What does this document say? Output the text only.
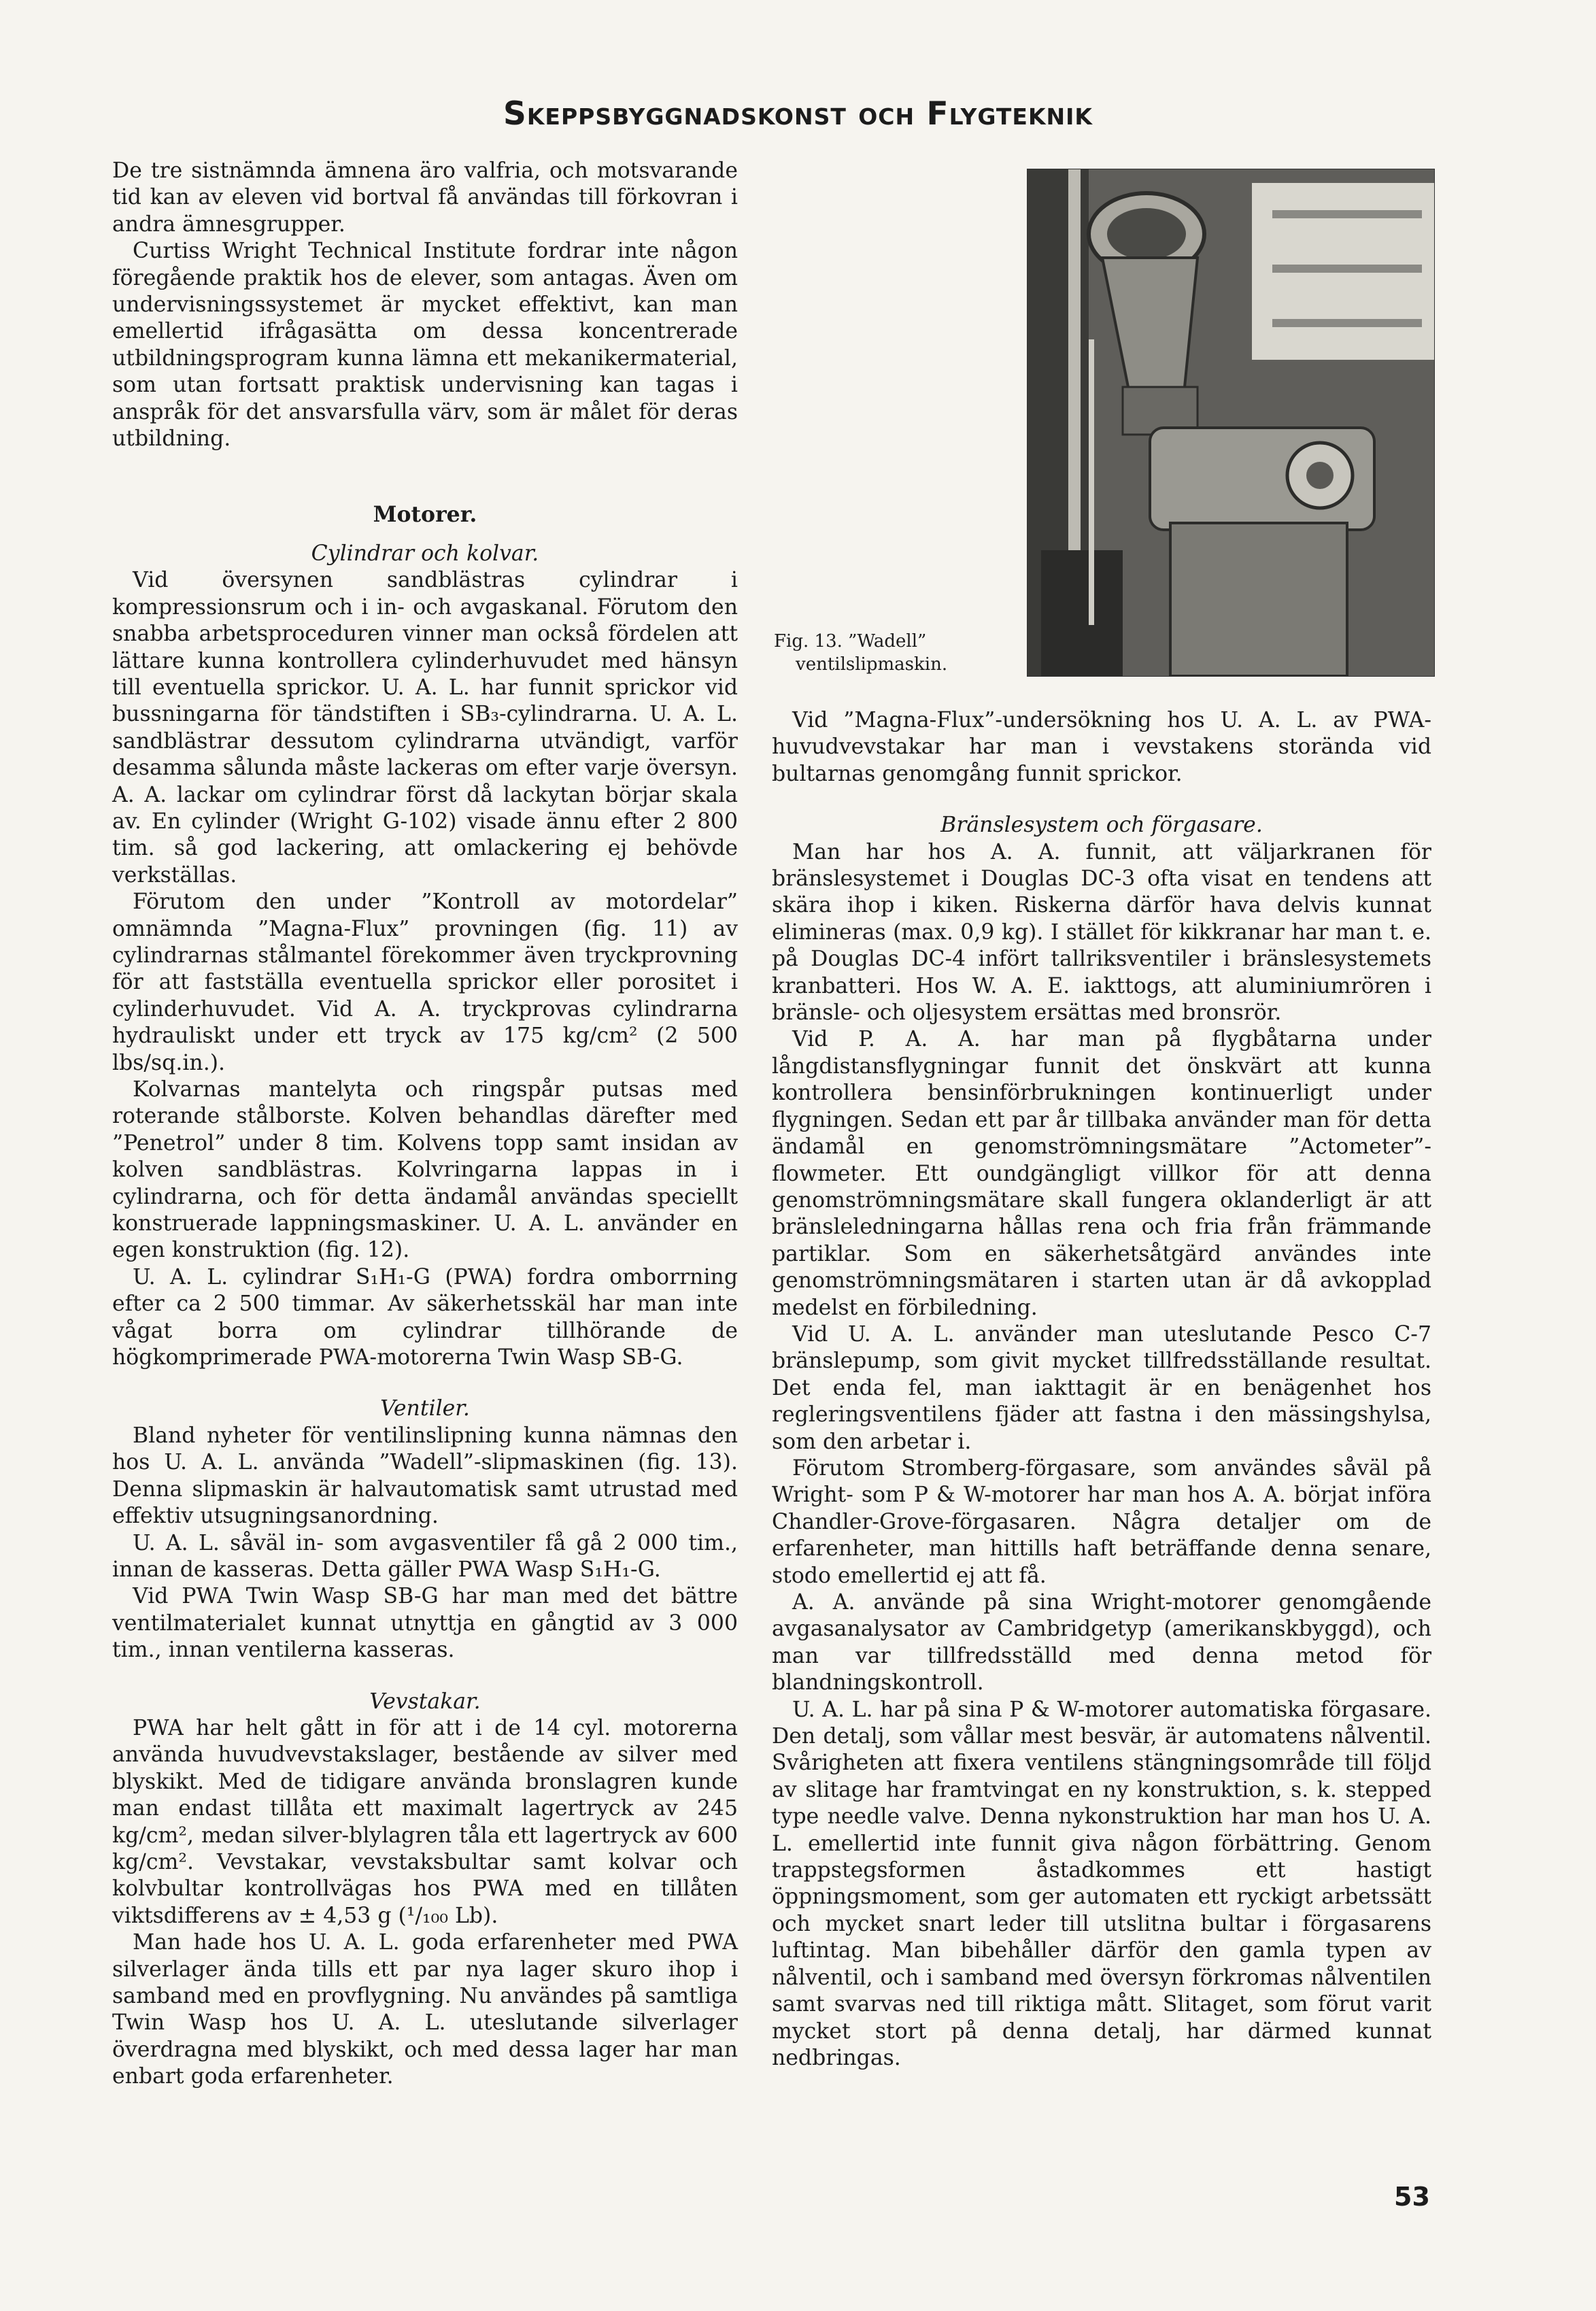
Skeppsbyggnadskonst och Flygteknik

De tre sistnämnda ämnena äro valfria, och motsvarande tid kan av eleven vid bortval få användas till förkovran i andra ämnesgrupper.

Curtiss Wright Technical Institute fordrar inte någon föregående praktik hos de elever, som antagas. Även om undervisningssystemet är mycket effektivt, kan man emellertid ifrågasätta om dessa koncentrerade utbildningsprogram kunna lämna ett mekanikermaterial, som utan fortsatt praktisk undervisning kan tagas i anspråk för det ansvarsfulla värv, som är målet för deras utbildning.

Motorer.
Cylindrar och kolvar.

Vid översynen sandblästras cylindrar i kompressionsrum och i in- och avgaskanal. Förutom den snabba arbetsproceduren vinner man också fördelen att lättare kunna kontrollera cylinderhuvudet med hänsyn till eventuella sprickor. U. A. L. har funnit sprickor vid bussningarna för tändstiften i SB₃-cylindrarna. U. A. L. sandblästrar dessutom cylindrarna utvändigt, varför desamma sålunda måste lackeras om efter varje översyn. A. A. lackar om cylindrar först då lackytan börjar skala av. En cylinder (Wright G-102) visade ännu efter 2 800 tim. så god lackering, att omlackering ej behövde verkställas.

Förutom den under ”Kontroll av motordelar” omnämnda ”Magna-Flux” provningen (fig. 11) av cylindrarnas stålmantel förekommer även tryckprovning för att fastställa eventuella sprickor eller porositet i cylinderhuvudet. Vid A. A. tryckprovas cylindrarna hydrauliskt under ett tryck av 175 kg/cm² (2 500 lbs/sq.in.).

Kolvarnas mantelyta och ringspår putsas med roterande stålborste. Kolven behandlas därefter med ”Penetrol” under 8 tim. Kolvens topp samt insidan av kolven sandblästras. Kolvringarna lappas in i cylindrarna, och för detta ändamål användas speciellt konstruerade lappningsmaskiner. U. A. L. använder en egen konstruktion (fig. 12).

U. A. L. cylindrar S₁H₁-G (PWA) fordra omborrning efter ca 2 500 timmar. Av säkerhetsskäl har man inte vågat borra om cylindrar tillhörande de högkomprimerade PWA-motorerna Twin Wasp SB-G.

Ventiler.

Bland nyheter för ventilinslipning kunna nämnas den hos U. A. L. använda ”Wadell”-slipmaskinen (fig. 13). Denna slipmaskin är halvautomatisk samt utrustad med effektiv utsugningsanordning.

U. A. L. såväl in- som avgasventiler få gå 2 000 tim., innan de kasseras. Detta gäller PWA Wasp S₁H₁-G.

Vid PWA Twin Wasp SB-G har man med det bättre ventilmaterialet kunnat utnyttja en gångtid av 3 000 tim., innan ventilerna kasseras.

Vevstakar.

PWA har helt gått in för att i de 14 cyl. motorerna använda huvudvevstakslager, bestående av silver med blyskikt. Med de tidigare använda bronslagren kunde man endast tillåta ett maximalt lagertryck av 245 kg/cm², medan silver-blylagren tåla ett lagertryck av 600 kg/cm². Vevstakar, vevstaksbultar samt kolvar och kolvbultar kontrollvägas hos PWA med en tillåten viktsdifferens av ± 4,53 g (¹/₁₀₀ Lb).

Man hade hos U. A. L. goda erfarenheter med PWA silverlager ända tills ett par nya lager skuro ihop i samband med en provflygning. Nu användes på samtliga Twin Wasp hos U. A. L. uteslutande silverlager överdragna med blyskikt, och med dessa lager har man enbart goda erfarenheter.

Fig. 13. ”Wadell”
ventilslipmaskin.

Vid ”Magna-Flux”-undersökning hos U. A. L. av PWA-huvudvevstakar har man i vevstakens storända vid bultarnas genomgång funnit sprickor.

Bränslesystem och förgasare.

Man har hos A. A. funnit, att väljarkranen för bränslesystemet i Douglas DC-3 ofta visat en tendens att skära ihop i kiken. Riskerna därför hava delvis kunnat elimineras (max. 0,9 kg). I stället för kikkranar har man t. e. på Douglas DC-4 infört tallriksventiler i bränslesystemets kranbatteri. Hos W. A. E. iakttogs, att aluminiumrören i bränsle- och oljesystem ersättas med bronsrör.

Vid P. A. A. har man på flygbåtarna under långdistansflygningar funnit det önskvärt att kunna kontrollera bensinförbrukningen kontinuerligt under flygningen. Sedan ett par år tillbaka använder man för detta ändamål en genomströmningsmätare ”Actometer”-flowmeter. Ett oundgängligt villkor för att denna genomströmningsmätare skall fungera oklanderligt är att bränsleledningarna hållas rena och fria från främmande partiklar. Som en säkerhetsåtgärd användes inte genomströmningsmätaren i starten utan är då avkopplad medelst en förbiledning.

Vid U. A. L. använder man uteslutande Pesco C-7 bränslepump, som givit mycket tillfredsställande resultat. Det enda fel, man iakttagit är en benägenhet hos regleringsventilens fjäder att fastna i den mässingshylsa, som den arbetar i.

Förutom Stromberg-förgasare, som användes såväl på Wright- som P & W-motorer har man hos A. A. börjat införa Chandler-Grove-förgasaren. Några detaljer om de erfarenheter, man hittills haft beträffande denna senare, stodo emellertid ej att få.

A. A. använde på sina Wright-motorer genomgående avgasanalysator av Cambridgetyp (amerikanskbyggd), och man var tillfredsställd med denna metod för blandningskontroll.

U. A. L. har på sina P & W-motorer automatiska förgasare. Den detalj, som vållar mest besvär, är automatens nålventil. Svårigheten att fixera ventilens stängningsområde till följd av slitage har framtvingat en ny konstruktion, s. k. stepped type needle valve. Denna nykonstruktion har man hos U. A. L. emellertid inte funnit giva någon förbättring. Genom trappstegsformen åstadkommes ett hastigt öppningsmoment, som ger automaten ett ryckigt arbetssätt och mycket snart leder till utslitna bultar i förgasarens luftintag. Man bibehåller därför den gamla typen av nålventil, och i samband med översyn förkromas nålventilen samt svarvas ned till riktiga mått. Slitaget, som förut varit mycket stort på denna detalj, har därmed kunnat nedbringas.

53
